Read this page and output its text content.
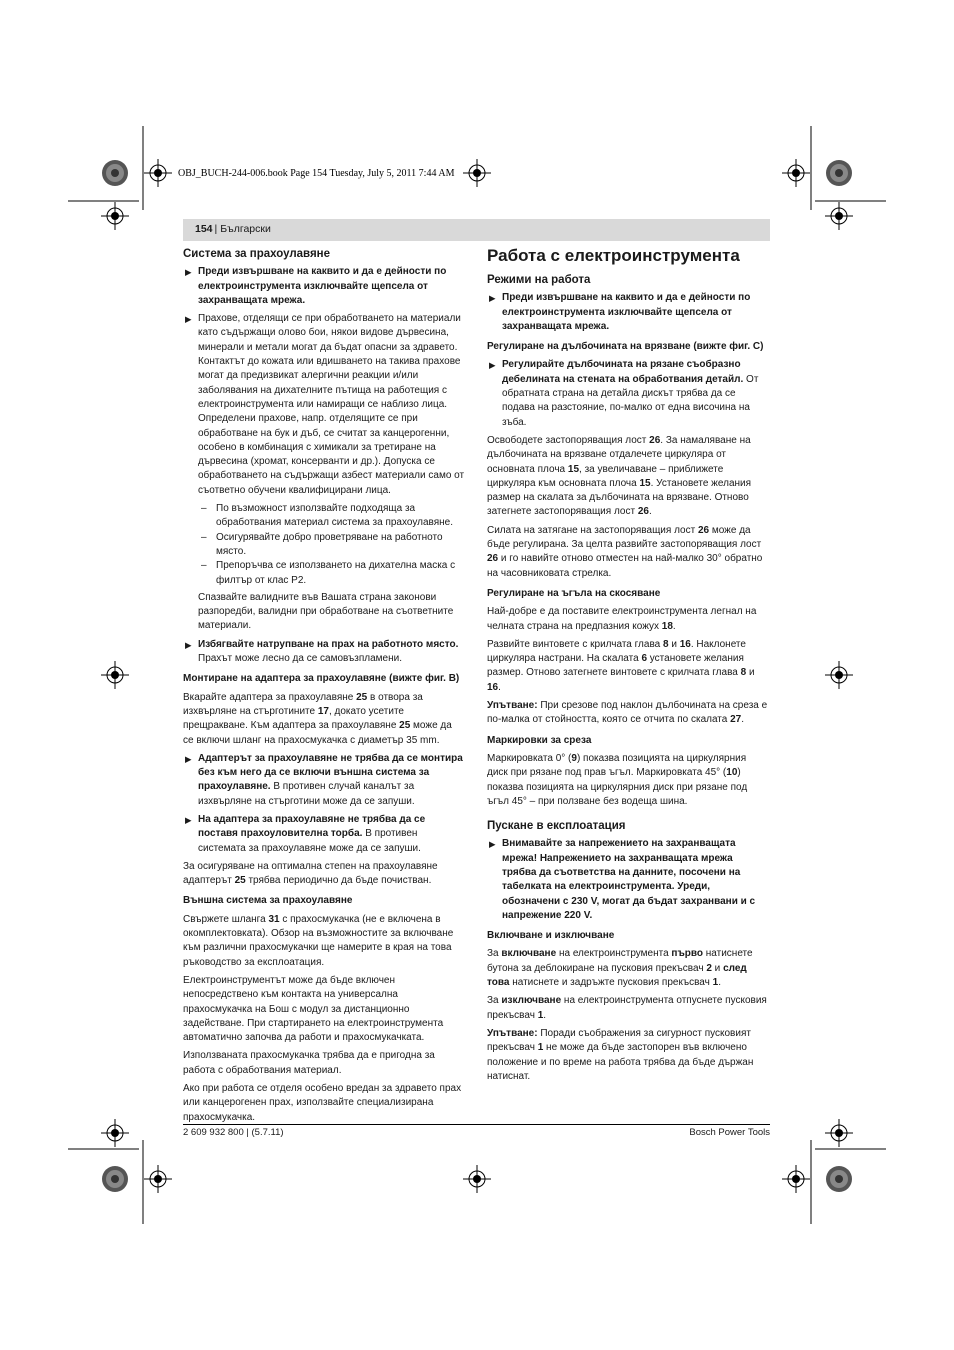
OBJ_BUCH-244-006.book Page 154 Tuesday, July 5, 2011 7:44 AM
154 | Български
Система за прахоулавяне
▶ Преди извършване на каквито и да е дейности по електроинструмента изключвайте щепсела от захранващата мрежа.
▶ Прахове, отделящи се при обработването на материали като съдържащи олово бои, някои видове дървесина, минерали и метали могат да бъдат опасни за здравето. Контактът до кожата или вдишването на такива прахове могат да предизвикат алергични реакции и/или заболявания на дихателните пътища на работещия с електроинструмента или намиращи се наблизо лица. Определени прахове, напр. отделящите се при обработване на бук и дъб, се считат за канцерогенни, особено в комбинация с химикали за третиране на дървесина (хромат, консерванти и др.). Допуска се обработването на съдържащи азбест материали само от съответно обучени квалифицирани лица.
– По възможност използвайте подходяща за обработвания материал система за прахоулавяне.
– Осигурявайте добро проветряване на работното място.
– Препоръчва се използването на дихателна маска с филтър от клас P2.

Спазвайте валидните във Вашата страна законови разпоредби, валидни при обработване на съответните материали.

▶ Избягвайте натрупване на прах на работното място.
Прахът може лесно да се самовъзпламени.
Монтиране на адаптера за прахоулавяне (вижте фиг. B)

Вкарайте адаптера за прахоулавяне 25 в отвора за изхвърляне на стърготините 17, докато усетите прещракване. Към адаптера за прахоулавяне 25 може да се включи шланг на прахосмукачка с диаметър 35 mm.

▶ Адаптерът за прахоулавяне не трябва да се монтира без към него да се включи външна система за прахоулавяне. В противен случай каналът за изхвърляне на стърготини може да се запуши.
▶ На адаптера за прахоулавяне не трябва да се поставя прахоуловителна торба. В противен системата за прахоулавяне може да се запуши.

За осигуряване на оптимална степен на прахоулавяне адаптерът 25 трябва периодично да бъде почистван.

Външна система за прахоулавяне

Свържете шланга 31 с прахосмукачка (не е включена в окомплектовката). Обзор на възможностите за включване към различни прахосмукачки ще намерите в края на това ръководство за експлоатация.

Електроинструментът може да бъде включен непосредствено към контакта на универсална прахосмукачка на Бош с модул за дистанционно задействане. При стартирането на електроинструмента автоматично започва да работи и прахосмукачката.

Използваната прахосмукачка трябва да е пригодна за работа с обработвания материал.

Ако при работа се отделя особено вредан за здравето прах или канцерогенен прах, използвайте специализирана прахосмукачка.

Работа с електроинструмента
Режими на работа
▶ Преди извършване на каквито и да е дейности по електроинструмента изключвайте щепсела от захранващата мрежа.
Регулиране на дълбочината на врязване (вижте фиг. C)
▶ Регулирайте дълбочината на рязане съобразно дебелината на стената на обработвания детайл. От обратната страна на детайла дискът трябва да се подава на разстояние, по-малко от една височина на зъба.

Освободете застопоряващия лост 26. За намаляване на дълбочината на врязване отдалечете циркуляра от основната плоча 15, за увеличаване – приближете циркуляра към основната плоча 15. Установете желания размер на скалата за дълбочината на врязване. Отново затегнете застопоряващия лост 26.

Силата на затягане на застопоряващия лост 26 може да бъде регулирана. За целта развийте застопоряващия лост 26 и го навийте отново отместен на най-малко 30° обратно на часовниковата стрелка.

Регулиране на ъгъла на скосяване

Най-добре е да поставите електроинструмента легнал на челната страна на предпазния кожух 18.

Развийте винтовете с крилчата глава 8 и 16. Наклонете циркуляра настрани. На скалата 6 установете желания размер. Отново затегнете винтовете с крилчата глава 8 и 16.

Упътване: При срезове под наклон дълбочината на среза е по-малка от стойността, която се отчита по скалата 27.

Маркировки за среза

Маркировката 0° (9) показва позицията на циркулярния диск при рязане под прав ъгъл. Маркировката 45° (10) показва позицията на циркулярния диск при рязане под ъгъл 45° – при ползване без водеща шина.

Пускане в експлоатация
▶ Внимавайте за напрежението на захранващата мрежа! Напрежението на захранващата мрежа трябва да съответства на данните, посочени на табелката на електроинструмента. Уреди, обозначени с 230 V, могат да бъдат захранвани и с напрежение 220 V.
Включване и изключване

За включване на електроинструмента първо натиснете бутона за деблокиране на пусковия прекъсвач 2 и след това натиснете и задръжте пусковия прекъсвач 1.

За изключване на електроинструмента отпуснете пусковия прекъсвач 1.

Упътване: Поради съображения за сигурност пусковият прекъсвач 1 не може да бъде застопорен във включено положение и по време на работа трябва да бъде държан натиснат.

2 609 932 800 | (5.7.11)	Bosch Power Tools
